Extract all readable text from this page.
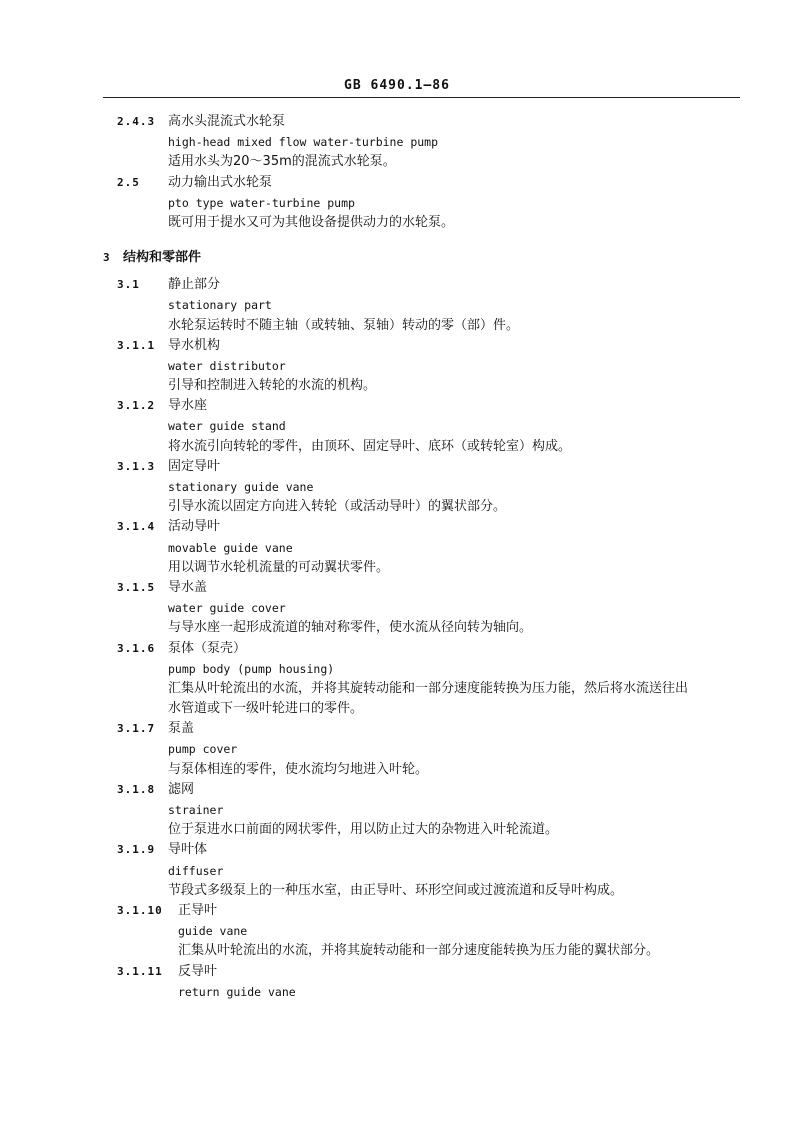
GB 6490.1—86
2.4.3 高水头混流式水轮泵
high-head mixed flow water-turbine pump
适用水头为20～35m的混流式水轮泵。
2.5 动力输出式水轮泵
pto type water-turbine pump
既可用于提水又可为其他设备提供动力的水轮泵。
3 结构和零部件
3.1 静止部分
stationary part
水轮泵运转时不随主轴（或转轴、泵轴）转动的零（部）件。
3.1.1 导水机构
water distributor
引导和控制进入转轮的水流的机构。
3.1.2 导水座
water guide stand
将水流引向转轮的零件，由顶环、固定导叶、底环（或转轮室）构成。
3.1.3 固定导叶
stationary guide vane
引导水流以固定方向进入转轮（或活动导叶）的翼状部分。
3.1.4 活动导叶
movable guide vane
用以调节水轮机流量的可动翼状零件。
3.1.5 导水盖
water guide cover
与导水座一起形成流道的轴对称零件，使水流从径向转为轴向。
3.1.6 泵体（泵壳）
pump body (pump housing)
汇集从叶轮流出的水流，并将其旋转动能和一部分速度能转换为压力能，然后将水流送往出
水管道或下一级叶轮进口的零件。
3.1.7 泵盖
pump cover
与泵体相连的零件，使水流均匀地进入叶轮。
3.1.8 滤网
strainer
位于泵进水口前面的网状零件，用以防止过大的杂物进入叶轮流道。
3.1.9 导叶体
diffuser
节段式多级泵上的一种压水室，由正导叶、环形空间或过渡流道和反导叶构成。
3.1.10 正导叶
guide vane
汇集从叶轮流出的水流，并将其旋转动能和一部分速度能转换为压力能的翼状部分。
3.1.11 反导叶
return guide vane
